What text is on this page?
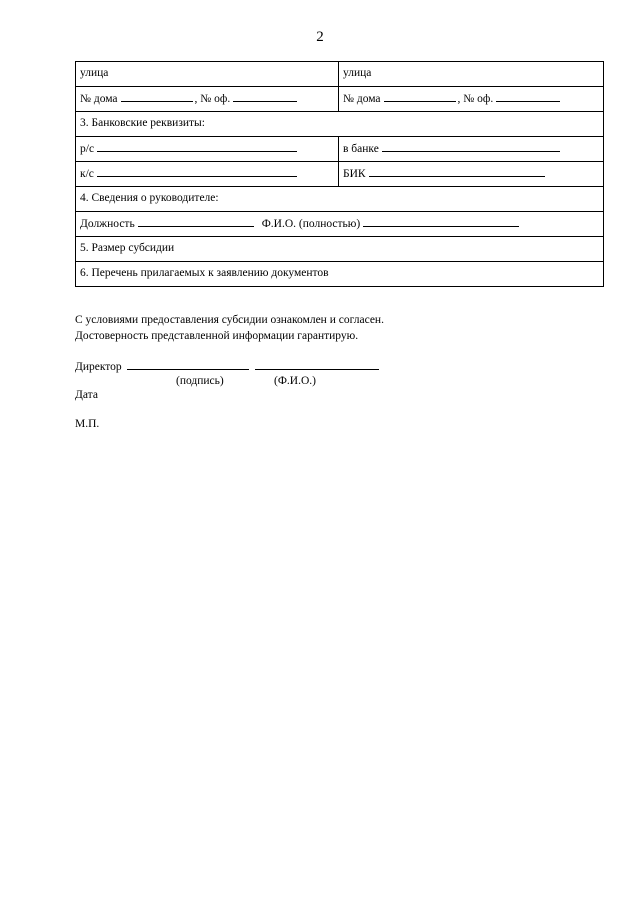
2
улица	улица
№ дома , № оф.	№ дома , № оф.
3. Банковские реквизиты:	
р/с	в банке
к/с	БИК
4. Сведения о руководителе:	
Должность Ф.И.О. (полностью)	
5. Размер субсидии	
6. Перечень прилагаемых к заявлению документов	
С условиями предоставления субсидии ознакомлен и согласен.
Достоверность представленной информации гарантирую.
Директор
(подпись)	(Ф.И.О.)
Дата
М.П.
